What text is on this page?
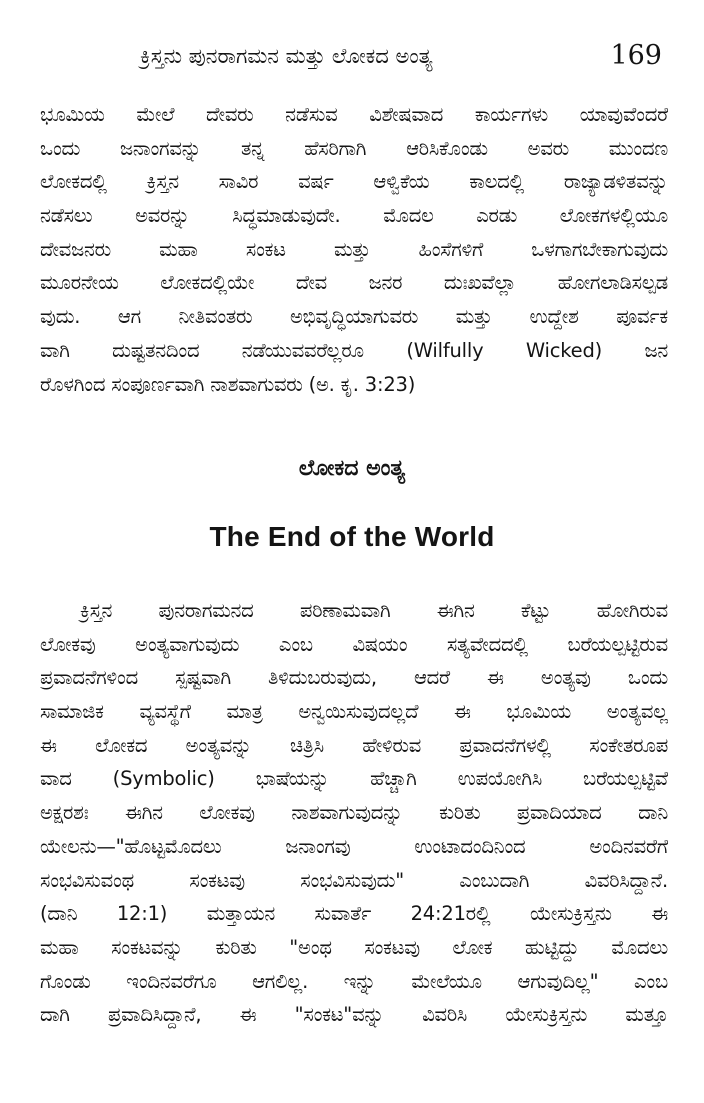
ಕ್ರಿಸ್ತನು ಪುನರಾಗಮನ ಮತ್ತು ಲೋಕದ ಅಂತ್ಯ	169
ಭೂಮಿಯ ಮೇಲೆ ದೇವರು ನಡೆಸುವ ವಿಶೇಷವಾದ ಕಾರ್ಯಗಳು ಯಾವುವೆಂದರೆ
ಒಂದು ಜನಾಂಗವನ್ನು ತನ್ನ ಹೆಸರಿಗಾಗಿ ಆರಿಸಿಕೊಂಡು ಅವರು ಮುಂದಣ
ಲೋಕದಲ್ಲಿ ಕ್ರಿಸ್ತನ ಸಾವಿರ ವರ್ಷ ಆಳ್ವಿಕೆಯ ಕಾಲದಲ್ಲಿ ರಾಜ್ಯಾಡಳಿತವನ್ನು
ನಡೆಸಲು ಅವರನ್ನು ಸಿದ್ಧಮಾಡುವುದೇ. ಮೊದಲ ಎರಡು ಲೋಕಗಳಲ್ಲಿಯೂ
ದೇವಜನರು ಮಹಾ ಸಂಕಟ ಮತ್ತು ಹಿಂಸೆಗಳಿಗೆ ಒಳಗಾಗಬೇಕಾಗುವುದು
ಮೂರನೇಯ ಲೋಕದಲ್ಲಿಯೇ ದೇವ ಜನರ ದುಃಖವೆಲ್ಲಾ ಹೋಗಲಾಡಿಸಲ್ಪಡ
ವುದು. ಆಗ ನೀತಿವಂತರು ಅಭಿವೃದ್ಧಿಯಾಗುವರು ಮತ್ತು ಉದ್ದೇಶ ಪೂರ್ವಕ
ವಾಗಿ ದುಷ್ಟತನದಿಂದ ನಡೆಯುವವರೆಲ್ಲರೂ (Wilfully Wicked) ಜನ
ರೊಳಗಿಂದ ಸಂಪೂರ್ಣವಾಗಿ ನಾಶವಾಗುವರು (ಅ. ಕೃ. 3:23)
ಲೋಕದ ಅಂತ್ಯ
The End of the World
ಕ್ರಿಸ್ತನ ಪುನರಾಗಮನದ ಪರಿಣಾಮವಾಗಿ ಈಗಿನ ಕೆಟ್ಟು ಹೋಗಿರುವ
ಲೋಕವು ಅಂತ್ಯವಾಗುವುದು ಎಂಬ ವಿಷಯಂ ಸತ್ಯವೇದದಲ್ಲಿ ಬರೆಯಲ್ಪಟ್ಟಿರುವ
ಪ್ರವಾದನೆಗಳಿಂದ ಸ್ಪಷ್ಟವಾಗಿ ತಿಳಿದುಬರುವುದು, ಆದರೆ ಈ ಅಂತ್ಯವು ಒಂದು
ಸಾಮಾಜಿಕ ವ್ಯವಸ್ಥೆಗೆ ಮಾತ್ರ ಅನ್ವಯಿಸುವುದಲ್ಲದೆ ಈ ಭೂಮಿಯ ಅಂತ್ಯವಲ್ಲ
ಈ ಲೋಕದ ಅಂತ್ಯವನ್ನು ಚಿತ್ರಿಸಿ ಹೇಳಿರುವ ಪ್ರವಾದನೆಗಳಲ್ಲಿ ಸಂಕೇತರೂಪ
ವಾದ (Symbolic) ಭಾಷೆಯನ್ನು ಹೆಚ್ಚಾಗಿ ಉಪಯೋಗಿಸಿ ಬರೆಯಲ್ಪಟ್ಟಿವೆ
ಅಕ್ಷರಶಃ ಈಗಿನ ಲೋಕವು ನಾಶವಾಗುವುದನ್ನು ಕುರಿತು ಪ್ರವಾದಿಯಾದ ದಾನಿ
ಯೇಲನು—"ಹೊಟ್ಟಮೊದಲು ಜನಾಂಗವು ಉಂಟಾದಂದಿನಿಂದ ಅಂದಿನವರೆಗೆ
ಸಂಭವಿಸುವಂಥ ಸಂಕಟವು ಸಂಭವಿಸುವುದು" ಎಂಬುದಾಗಿ ವಿವರಿಸಿದ್ದಾನೆ.
(ದಾನಿ 12:1) ಮತ್ತಾಯನ ಸುವಾರ್ತೆ 24:21ರಲ್ಲಿ ಯೇಸುಕ್ರಿಸ್ತನು ಈ
ಮಹಾ ಸಂಕಟವನ್ನು ಕುರಿತು "ಅಂಥ ಸಂಕಟವು ಲೋಕ ಹುಟ್ಟಿದ್ದು ಮೊದಲು
ಗೊಂಡು ಇಂದಿನವರೆಗೂ ಆಗಲಿಲ್ಲ. ಇನ್ನು ಮೇಲೆಯೂ ಆಗುವುದಿಲ್ಲ" ಎಂಬ
ದಾಗಿ ಪ್ರವಾದಿಸಿದ್ದಾನೆ, ಈ "ಸಂಕಟ"ವನ್ನು ವಿವರಿಸಿ ಯೇಸುಕ್ರಿಸ್ತನು ಮತ್ತೂ
